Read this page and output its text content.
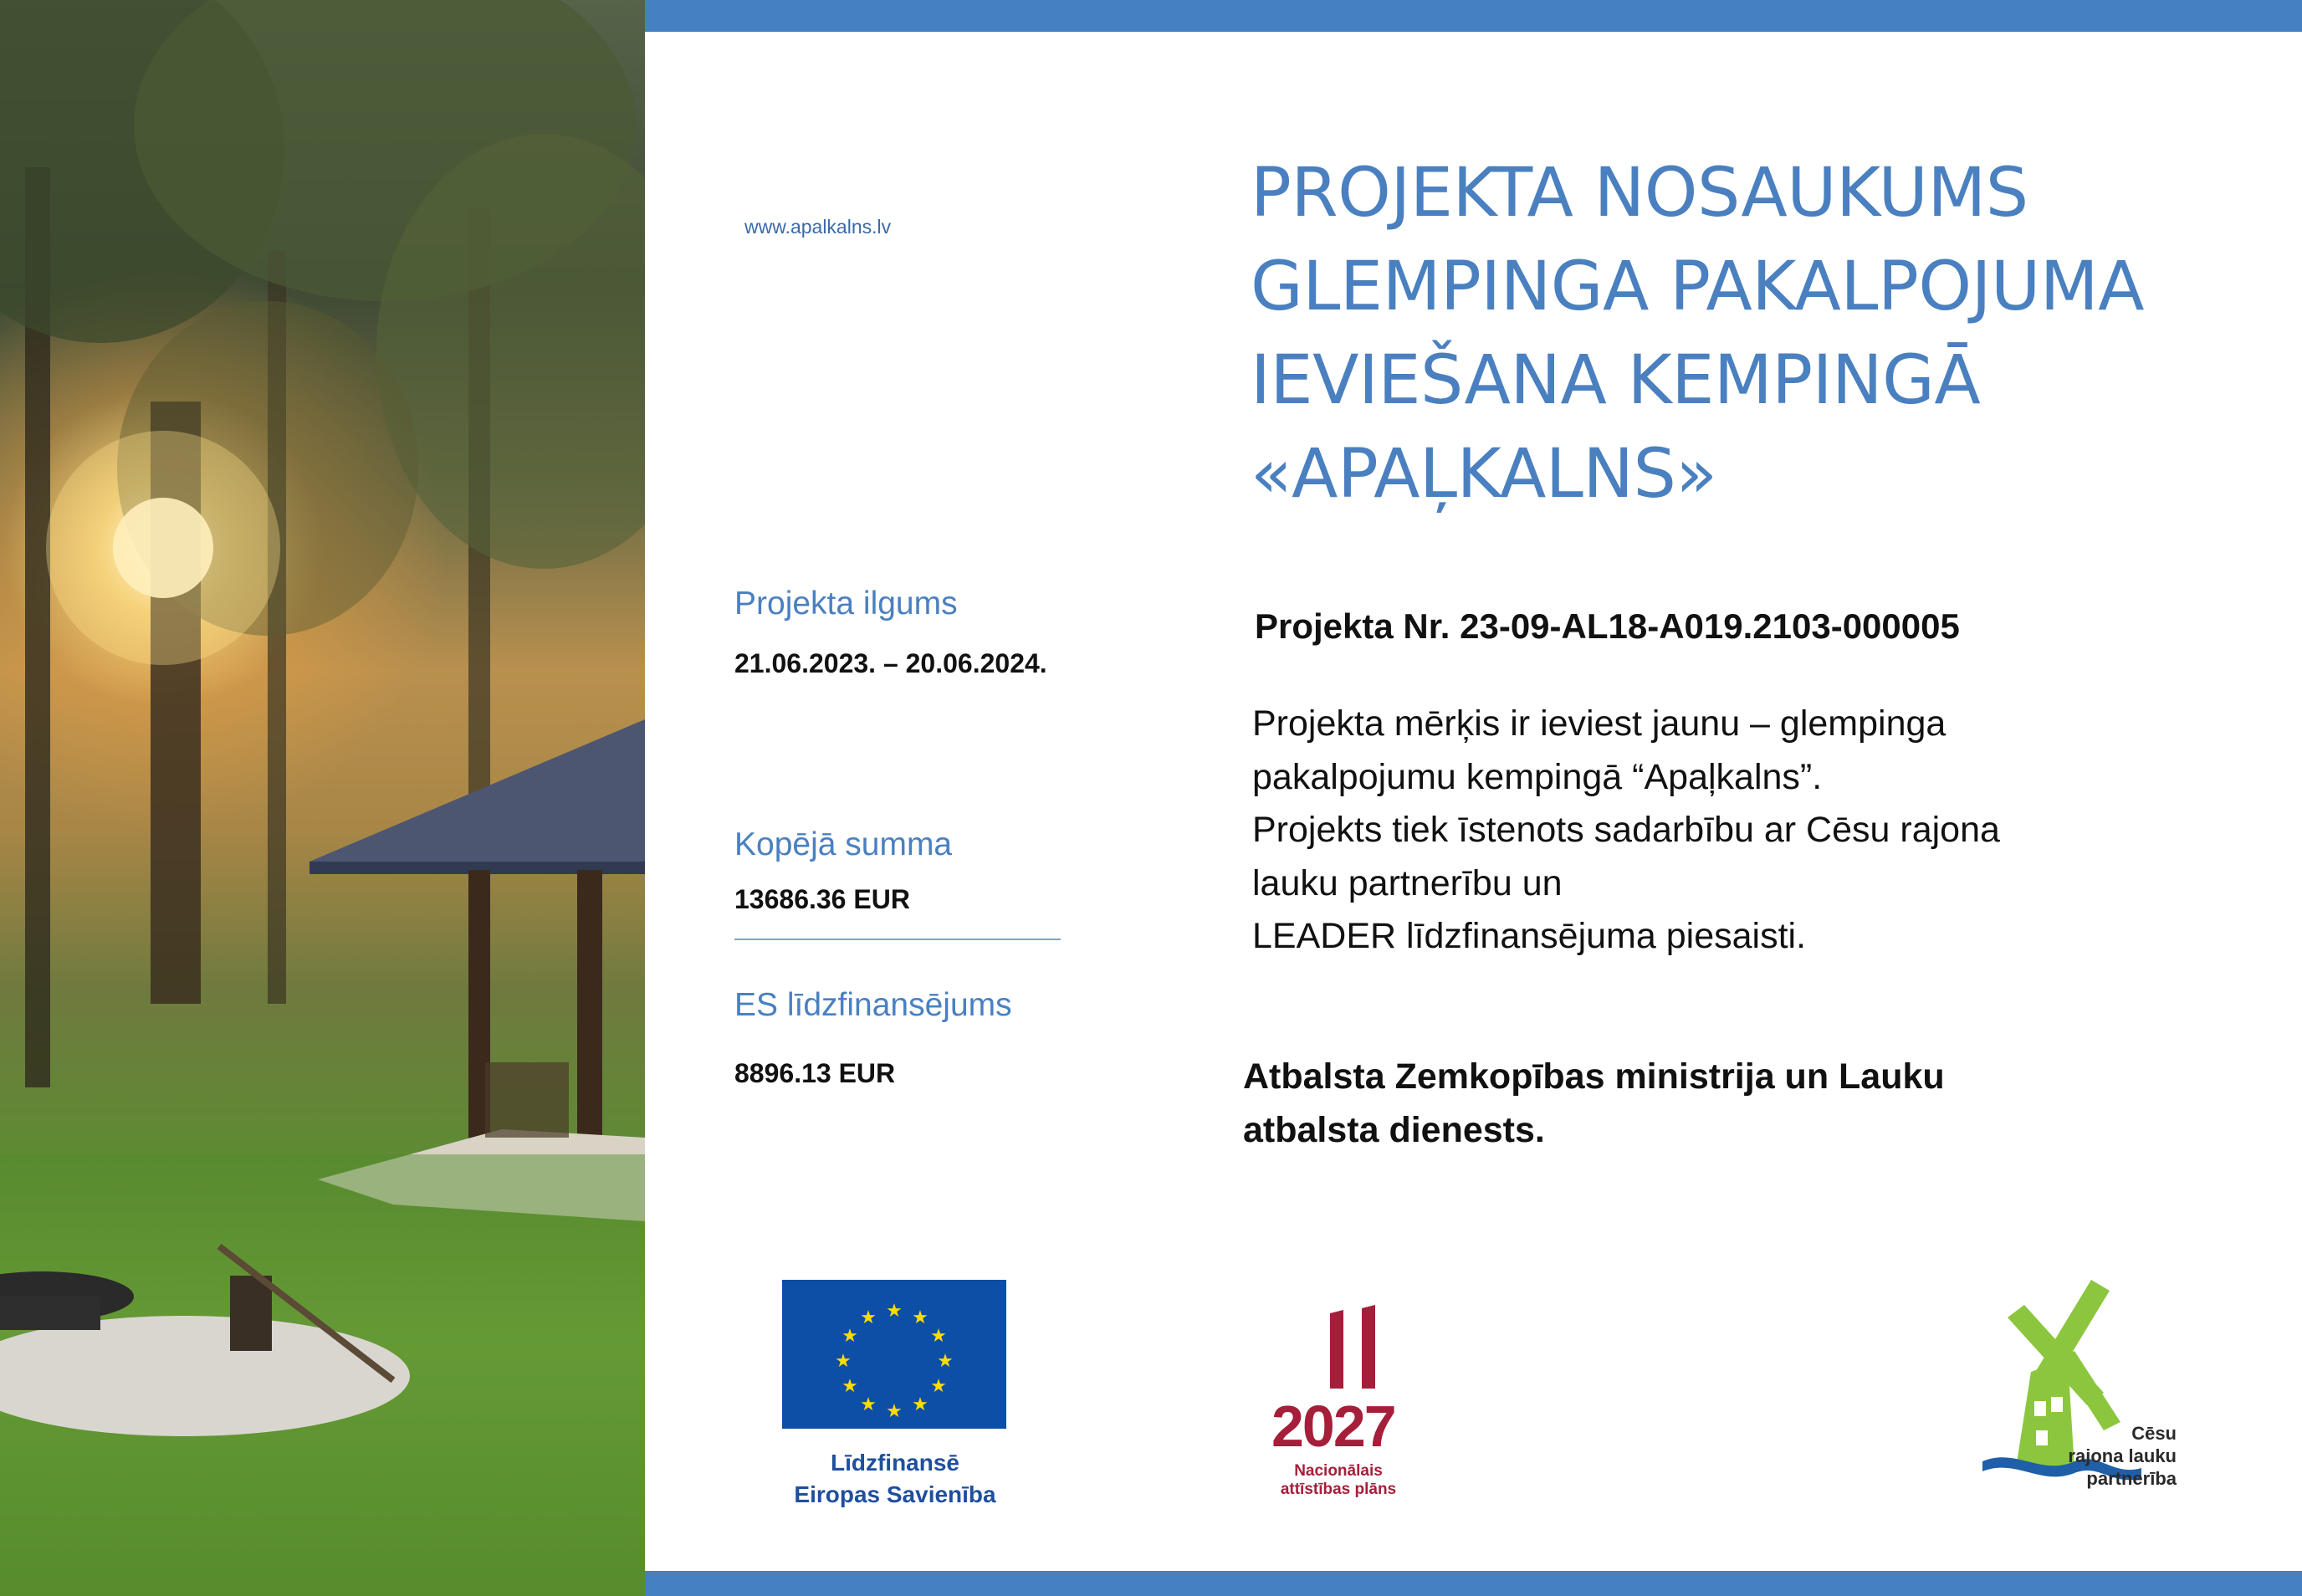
www.apalkalns.lv	PROJEKTA NOSAUKUMS
GLEMPINGA PAKALPOJUMA
IEVIEŠANA KEMPINGĀ
«APAĻKALNS»
Projekta ilgums
21.06.2023. – 20.06.2024.
Kopējā summa
13686.36 EUR
ES līdzfinansējums
8896.13 EUR
Projekta Nr. 23-09-AL18-A019.2103-000005
Projekta mērķis ir ieviest jaunu – glempinga
pakalpojumu kempingā “Apaļkalns”.
Projekts tiek īstenots sadarbību ar Cēsu rajona
lauku partnerību un
LEADER līdzfinansējuma piesaisti.
Atbalsta Zemkopības ministrija un Lauku
atbalsta dienests.
★ ★
★
★
★
★
★
★
★
★
★
★
Līdzfinansē
Eiropas Savienība
2027
Nacionālais
attīstības plāns
Cēsu
rajona lauku
partnerība
